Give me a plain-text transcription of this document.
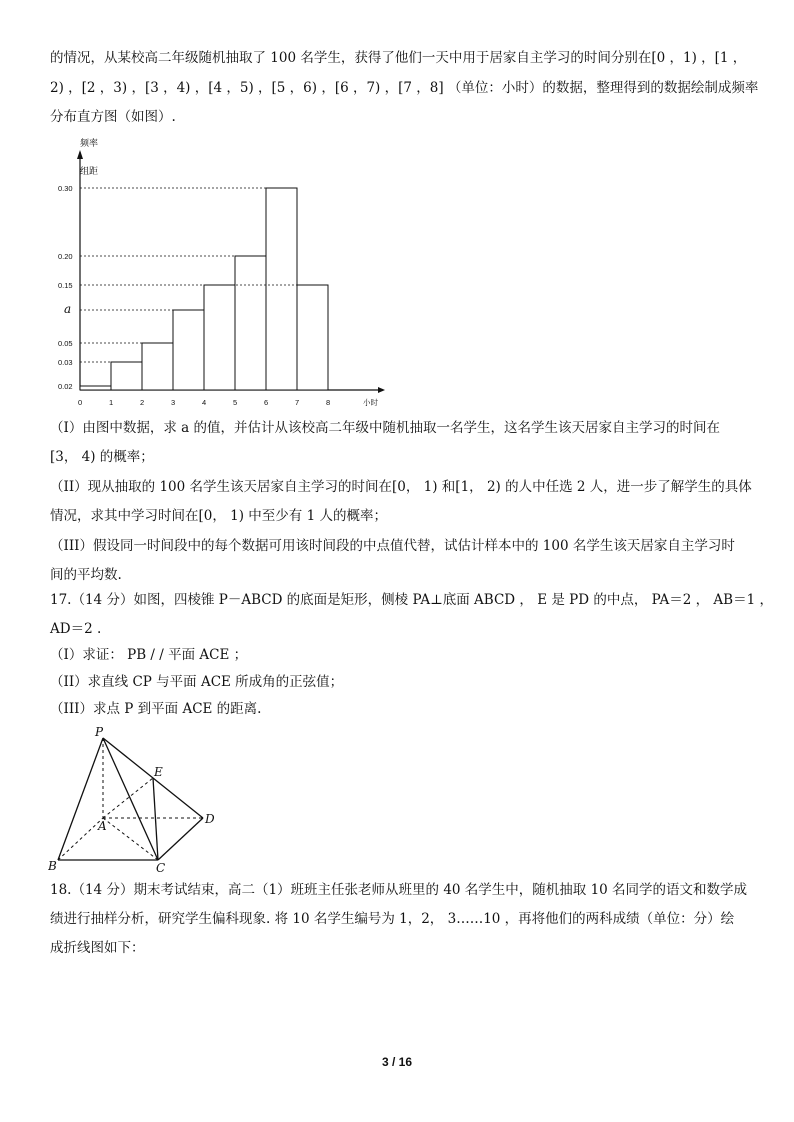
的情况，从某校高二年级随机抽取了 100 名学生，获得了他们一天中用于居家自主学习的时间分别在[0 ，1) ，[1 ，
2) ，[2 ，3) ，[3 ，4) ，[4 ，5) ，[5 ，6) ，[6 ，7) ，[7 ，8] （单位：小时）的数据，整理得到的数据绘制成频率
分布直方图（如图）.
频率
组距
0.30
0.20
0.15
a
0.05
0.03
0.02
0	1	2	3	4	5	6	7	8	小时
（I）由图中数据，求 a 的值，并估计从该校高二年级中随机抽取一名学生，这名学生该天居家自主学习的时间在
[3， 4) 的概率；
（II）现从抽取的 100 名学生该天居家自主学习的时间在[0， 1) 和[1， 2) 的人中任选 2 人，进一步了解学生的具体
情况，求其中学习时间在[0， 1) 中至少有 1 人的概率；
（III）假设同一时间段中的每个数据可用该时间段的中点值代替，试估计样本中的 100 名学生该天居家自主学习时
间的平均数.
17.（14 分）如图，四棱锥 P－ABCD 的底面是矩形，侧棱 PA⊥底面 ABCD ， E 是 PD 的中点， PA＝2 ， AB＝1 ，
AD＝2 .
（I）求证： PB / / 平面 ACE ；
（II）求直线 CP 与平面 ACE 所成角的正弦值；
（III）求点 P 到平面 ACE 的距离.
P
E
A	D
B	C
18.（14 分）期末考试结束，高二（1）班班主任张老师从班里的 40 名学生中，随机抽取 10 名同学的语文和数学成
绩进行抽样分析，研究学生偏科现象. 将 10 名学生编号为 1，2， 3……10 ，再将他们的两科成绩（单位：分）绘
成折线图如下：
3 / 16
